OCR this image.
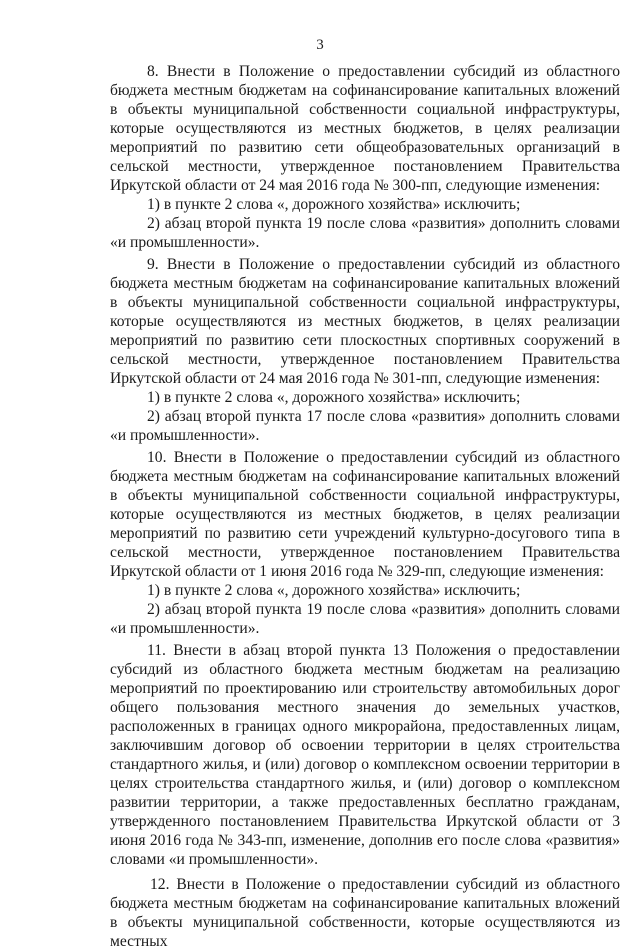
3

8. Внести в Положение о предоставлении субсидий из областного бюджета местным бюджетам на софинансирование капитальных вложений в объекты муниципальной собственности социальной инфраструктуры, которые осуществляются из местных бюджетов, в целях реализации мероприятий по развитию сети общеобразовательных организаций в сельской местности, утвержденное постановлением Правительства Иркутской области от 24 мая 2016 года № 300-пп, следующие изменения:

1) в пункте 2 слова «, дорожного хозяйства» исключить;

2) абзац второй пункта 19 после слова «развития» дополнить словами «и промышленности».

9. Внести в Положение о предоставлении субсидий из областного бюджета местным бюджетам на софинансирование капитальных вложений в объекты муниципальной собственности социальной инфраструктуры, которые осуществляются из местных бюджетов, в целях реализации мероприятий по развитию сети плоскостных спортивных сооружений в сельской местности, утвержденное постановлением Правительства Иркутской области от 24 мая 2016 года № 301-пп, следующие изменения:

1) в пункте 2 слова «, дорожного хозяйства» исключить;

2) абзац второй пункта 17 после слова «развития» дополнить словами «и промышленности».

10. Внести в Положение о предоставлении субсидий из областного бюджета местным бюджетам на софинансирование капитальных вложений в объекты муниципальной собственности социальной инфраструктуры, которые осуществляются из местных бюджетов, в целях реализации мероприятий по развитию сети учреждений культурно-досугового типа в сельской местности, утвержденное постановлением Правительства Иркутской области от 1 июня 2016 года № 329-пп, следующие изменения:

1) в пункте 2 слова «, дорожного хозяйства» исключить;

2) абзац второй пункта 19 после слова «развития» дополнить словами «и промышленности».

11. Внести в абзац второй пункта 13 Положения о предоставлении субсидий из областного бюджета местным бюджетам на реализацию мероприятий по проектированию или строительству автомобильных дорог общего пользования местного значения до земельных участков, расположенных в границах одного микрорайона, предоставленных лицам, заключившим договор об освоении территории в целях строительства стандартного жилья, и (или) договор о комплексном освоении территории в целях строительства стандартного жилья, и (или) договор о комплексном развитии территории, а также предоставленных бесплатно гражданам, утвержденного постановлением Правительства Иркутской области от 3 июня 2016 года № 343-пп, изменение, дополнив его после слова «развития» словами «и промышленности».

12. Внести в Положение о предоставлении субсидий из областного бюджета местным бюджетам на софинансирование капитальных вложений в объекты муниципальной собственности, которые осуществляются из местных
